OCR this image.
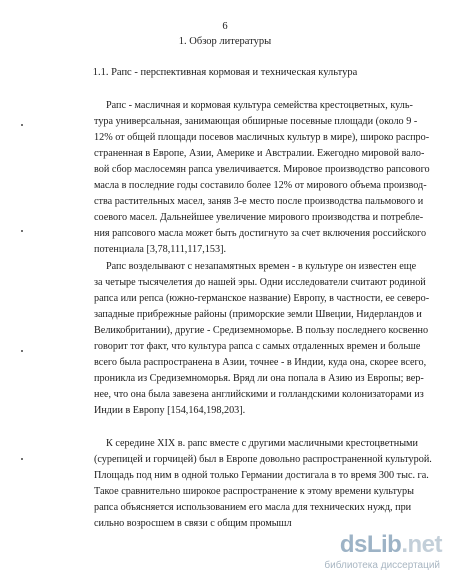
6
1. Обзор литературы
1.1. Рапс - перспективная кормовая и техническая культура
Рапс - масличная и кормовая культура семейства крестоцветных, куль-
тура универсальная, занимающая обширные посевные площади (около 9 -
12% от общей площади посевов масличных культур в мире), широко распро-
страненная в Европе, Азии, Америке и Австралии. Ежегодно мировой вало-
вой сбор маслосемян рапса увеличивается. Мировое производство рапсового
масла в последние годы составило более 12% от мирового объема производ-
ства растительных масел, заняв 3-е место после производства пальмового и
соевого масел. Дальнейшее увеличение мирового производства и потребле-
ния рапсового масла может быть достигнуто за счет включения российского
потенциала [3,78,111,117,153].
Рапс возделывают с незапамятных времен - в культуре он известен еще
за четыре тысячелетия до нашей эры. Одни исследователи считают родиной
рапса или репса (южно-германское название) Европу, в частности, ее северо-
западные прибрежные районы (приморские земли Швеции, Нидерландов и
Великобритании), другие - Средиземноморье. В пользу последнего косвенно
говорит тот факт, что культура рапса с самых отдаленных времен и больше
всего была распространена в Азии, точнее - в Индии, куда она, скорее всего,
проникла из Средиземноморья. Вряд ли она попала в Азию из Европы; вер-
нее, что она была завезена английскими и голландскими колонизаторами из
Индии в Европу [154,164,198,203].
К середине XIX в. рапс вместе с другими масличными крестоцветными
(сурепицей и горчицей) был в Европе довольно распространенной культурой.
Площадь под ним в одной только Германии достигала в то время 300 тыс. га.
Такое сравнительно широкое распространение к этому времени культуры
рапса объясняется использованием его масла для технических нужд, при
сильно возросшем в связи с общим промышл
dsLib.net
библиотека диссертаций
